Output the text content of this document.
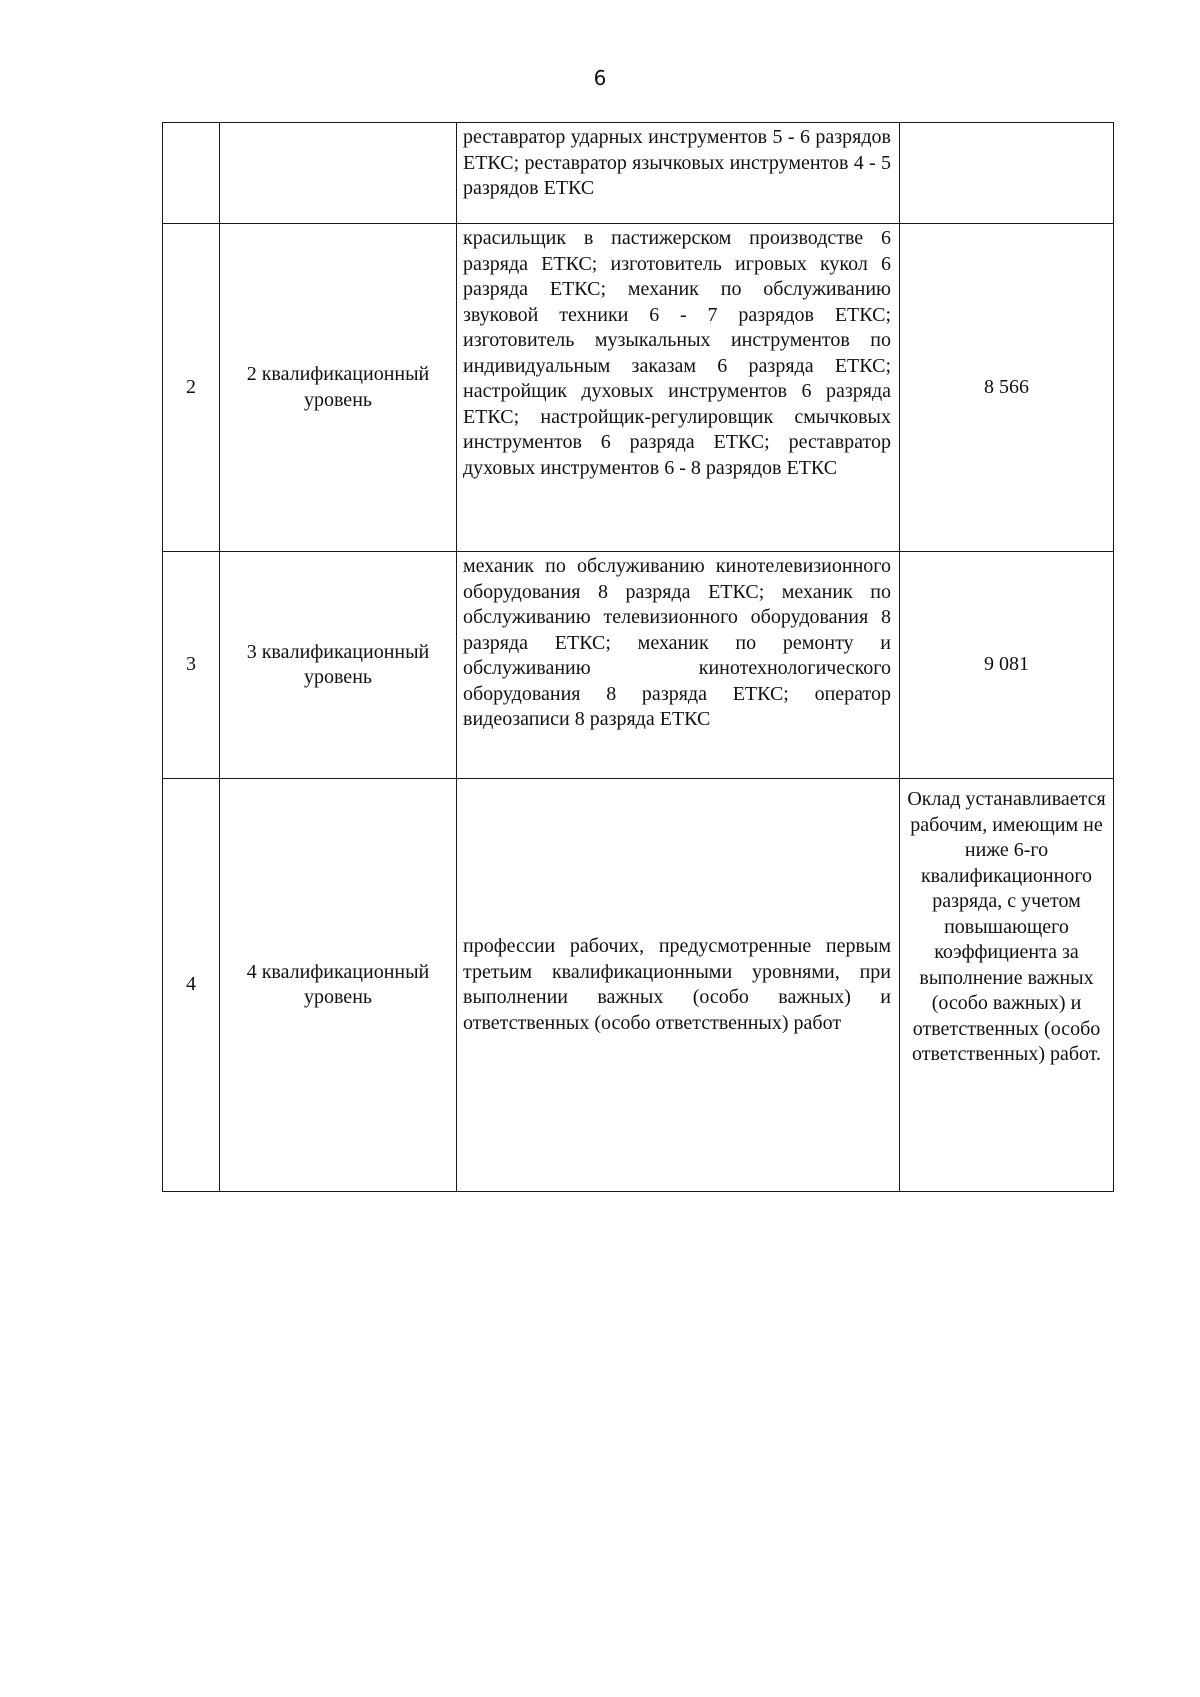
6

		реставратор ударных инструментов 5 - 6 разрядов ЕТКС; реставратор язычковых инструментов 4 - 5 разрядов ЕТКС	

2	2 квалификационный уровень	красильщик в пастижерском производстве 6 разряда ЕТКС; изготовитель игровых кукол 6 разряда ЕТКС; механик по обслуживанию звуковой техники 6 - 7 разрядов ЕТКС; изготовитель музыкальных инструментов по индивидуальным заказам 6 разряда ЕТКС; настройщик духовых инструментов 6 разряда ЕТКС; настройщик-регулировщик смычковых инструментов 6 разряда ЕТКС; реставратор духовых инструментов 6 - 8 разрядов ЕТКС	8 566
3	3 квалификационный уровень	механик по обслуживанию кинотелевизионного оборудования 8 разряда ЕТКС; механик по обслуживанию телевизионного оборудования 8 разряда ЕТКС; механик по ремонту и обслуживанию кинотехнологического оборудования 8 разряда ЕТКС; оператор видеозаписи 8 разряда ЕТКС	9 081
4	4 квалификационный уровень	профессии рабочих, предусмотренные первым третьим квалификационными уровнями, при выполнении важных (особо важных) и ответственных (особо ответственных) работ	Оклад устанавливается рабочим, имеющим не ниже 6-го квалификационного разряда, с учетом повышающего коэффициента за выполнение важных (особо важных) и ответственных (особо ответственных) работ.
